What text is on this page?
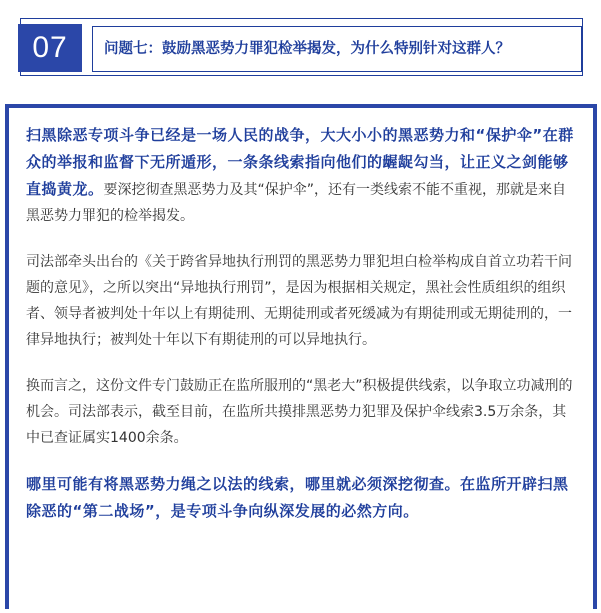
07	问题七：鼓励黑恶势力罪犯检举揭发，为什么特别针对这群人？

扫黑除恶专项斗争已经是一场人民的战争，大大小小的黑恶势力和“保护伞”在群众的举报和监督下无所遁形，一条条线索指向他们的龌龊勾当，让正义之剑能够直捣黄龙。要深挖彻查黑恶势力及其“保护伞”，还有一类线索不能不重视，那就是来自黑恶势力罪犯的检举揭发。

司法部牵头出台的《关于跨省异地执行刑罚的黑恶势力罪犯坦白检举构成自首立功若干问题的意见》，之所以突出“异地执行刑罚”，是因为根据相关规定，黑社会性质组织的组织者、领导者被判处十年以上有期徒刑、无期徒刑或者死缓减为有期徒刑或无期徒刑的，一律异地执行；被判处十年以下有期徒刑的可以异地执行。

换而言之，这份文件专门鼓励正在监所服刑的“黑老大”积极提供线索，以争取立功减刑的机会。司法部表示，截至目前，在监所共摸排黑恶势力犯罪及保护伞线索3.5万余条，其中已查证属实1400余条。

哪里可能有将黑恶势力绳之以法的线索，哪里就必须深挖彻查。在监所开辟扫黑除恶的“第二战场”，是专项斗争向纵深发展的必然方向。
